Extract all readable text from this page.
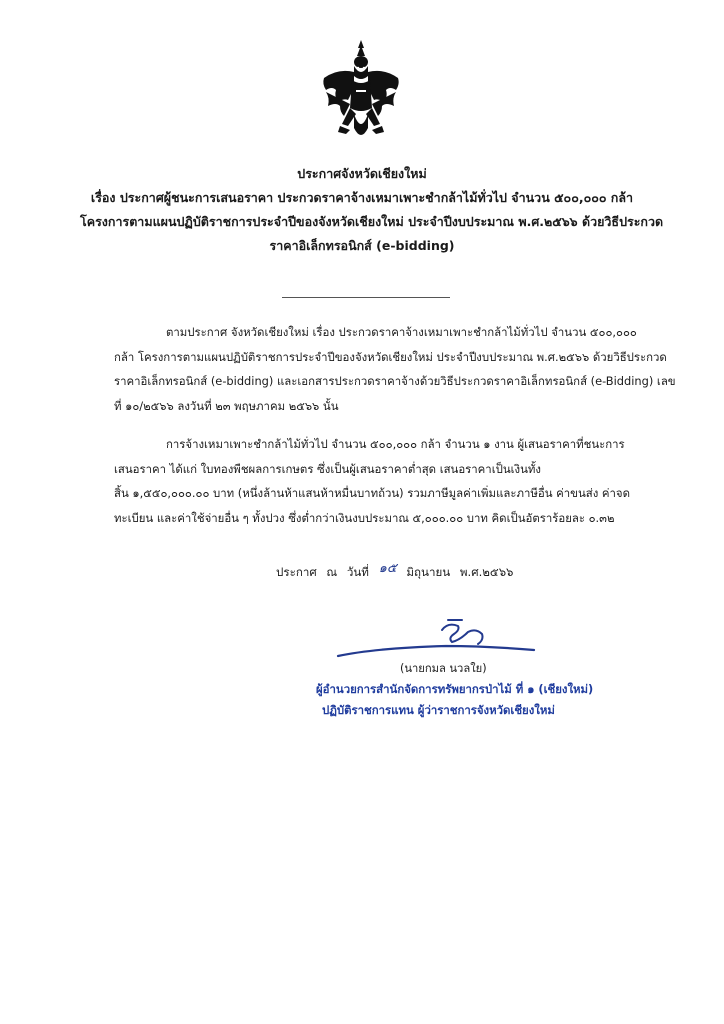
ประกาศจังหวัดเชียงใหม่
เรื่อง ประกาศผู้ชนะการเสนอราคา ประกวดราคาจ้างเหมาเพาะชำกล้าไม้ทั่วไป จำนวน ๕๐๐,๐๐๐ กล้า
โครงการตามแผนปฏิบัติราชการประจำปีของจังหวัดเชียงใหม่ ประจำปีงบประมาณ พ.ศ.๒๕๖๖ ด้วยวิธีประกวด
ราคาอิเล็กทรอนิกส์ (e-bidding)
ตามประกาศ จังหวัดเชียงใหม่ เรื่อง ประกวดราคาจ้างเหมาเพาะชำกล้าไม้ทั่วไป จำนวน ๕๐๐,๐๐๐
กล้า โครงการตามแผนปฏิบัติราชการประจำปีของจังหวัดเชียงใหม่ ประจำปีงบประมาณ พ.ศ.๒๕๖๖ ด้วยวิธีประกวด
ราคาอิเล็กทรอนิกส์ (e-bidding) และเอกสารประกวดราคาจ้างด้วยวิธีประกวดราคาอิเล็กทรอนิกส์ (e-Bidding) เลข
ที่ ๑๐/๒๕๖๖ ลงวันที่ ๒๓ พฤษภาคม ๒๕๖๖ นั้น
การจ้างเหมาเพาะชำกล้าไม้ทั่วไป จำนวน ๕๐๐,๐๐๐ กล้า จำนวน ๑ งาน ผู้เสนอราคาที่ชนะการ
เสนอราคา ได้แก่ ใบทองพืชผลการเกษตร ซึ่งเป็นผู้เสนอราคาต่ำสุด เสนอราคาเป็นเงินทั้ง
สิ้น ๑,๕๕๐,๐๐๐.๐๐ บาท (หนึ่งล้านห้าแสนห้าหมื่นบาทถ้วน) รวมภาษีมูลค่าเพิ่มและภาษีอื่น ค่าขนส่ง ค่าจด
ทะเบียน และค่าใช้จ่ายอื่น ๆ ทั้งปวง ซึ่งต่ำกว่าเงินงบประมาณ ๕,๐๐๐.๐๐ บาท คิดเป็นอัตราร้อยละ ๐.๓๒
ประกาศ ณ วันที่ ๑๕ มิถุนายน พ.ศ.๒๕๖๖
(นายกมล นวลใย)
ผู้อำนวยการสำนักจัดการทรัพยากรป่าไม้ ที่ ๑ (เชียงใหม่)
ปฏิบัติราชการแทน ผู้ว่าราชการจังหวัดเชียงใหม่
